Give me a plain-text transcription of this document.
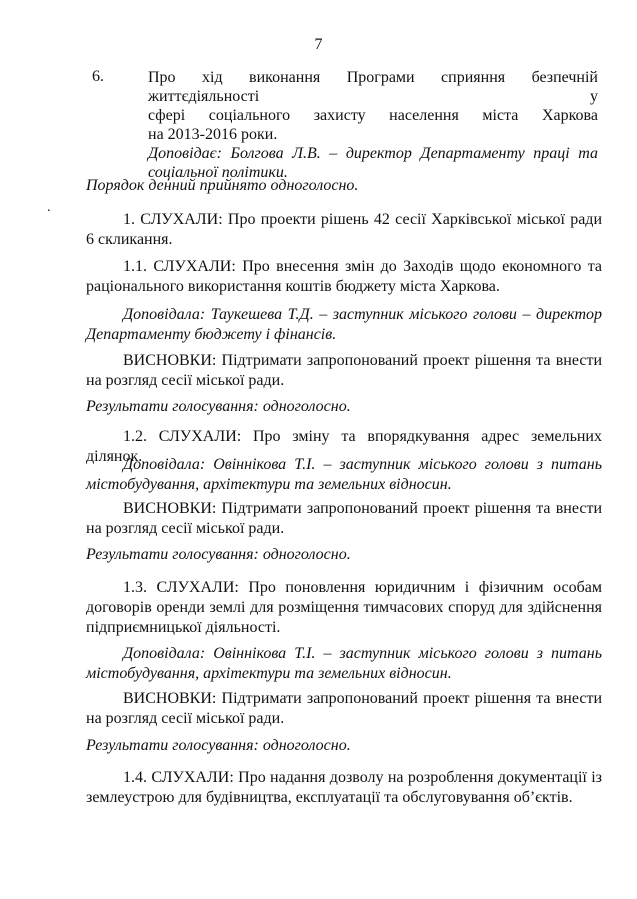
7
.
6.	Про хід виконання Програми сприяння безпечній життєдіяльності у
сфері соціального захисту населення міста Харкова
на 2013-2016 роки.
Доповідає: Болгова Л.В. – директор Департаменту праці та
соціальної політики.

Порядок денний прийнято одноголосно.

1. СЛУХАЛИ: Про проекти рішень 42 сесії Харківської міської ради 6 скликання.

1.1. СЛУХАЛИ: Про внесення змін до Заходів щодо економного та раціонального використання коштів бюджету міста Харкова.

Доповідала: Таукешева Т.Д. – заступник міського голови – директор Департаменту бюджету і фінансів.

ВИСНОВКИ: Підтримати запропонований проект рішення та внести на розгляд сесії міської ради.

Результати голосування: одноголосно.

1.2. СЛУХАЛИ: Про зміну та впорядкування адрес земельних ділянок.

Доповідала: Овіннікова Т.І. – заступник міського голови з питань містобудування, архітектури та земельних відносин.

ВИСНОВКИ: Підтримати запропонований проект рішення та внести на розгляд сесії міської ради.

Результати голосування: одноголосно.

1.3. СЛУХАЛИ: Про поновлення юридичним і фізичним особам договорів оренди землі для розміщення тимчасових споруд для здійснення підприємницької діяльності.

Доповідала: Овіннікова Т.І. – заступник міського голови з питань містобудування, архітектури та земельних відносин.

ВИСНОВКИ: Підтримати запропонований проект рішення та внести на розгляд сесії міської ради.

Результати голосування: одноголосно.

1.4. СЛУХАЛИ: Про надання дозволу на розроблення документації із землеустрою для будівництва, експлуатації та обслуговування об’єктів.
